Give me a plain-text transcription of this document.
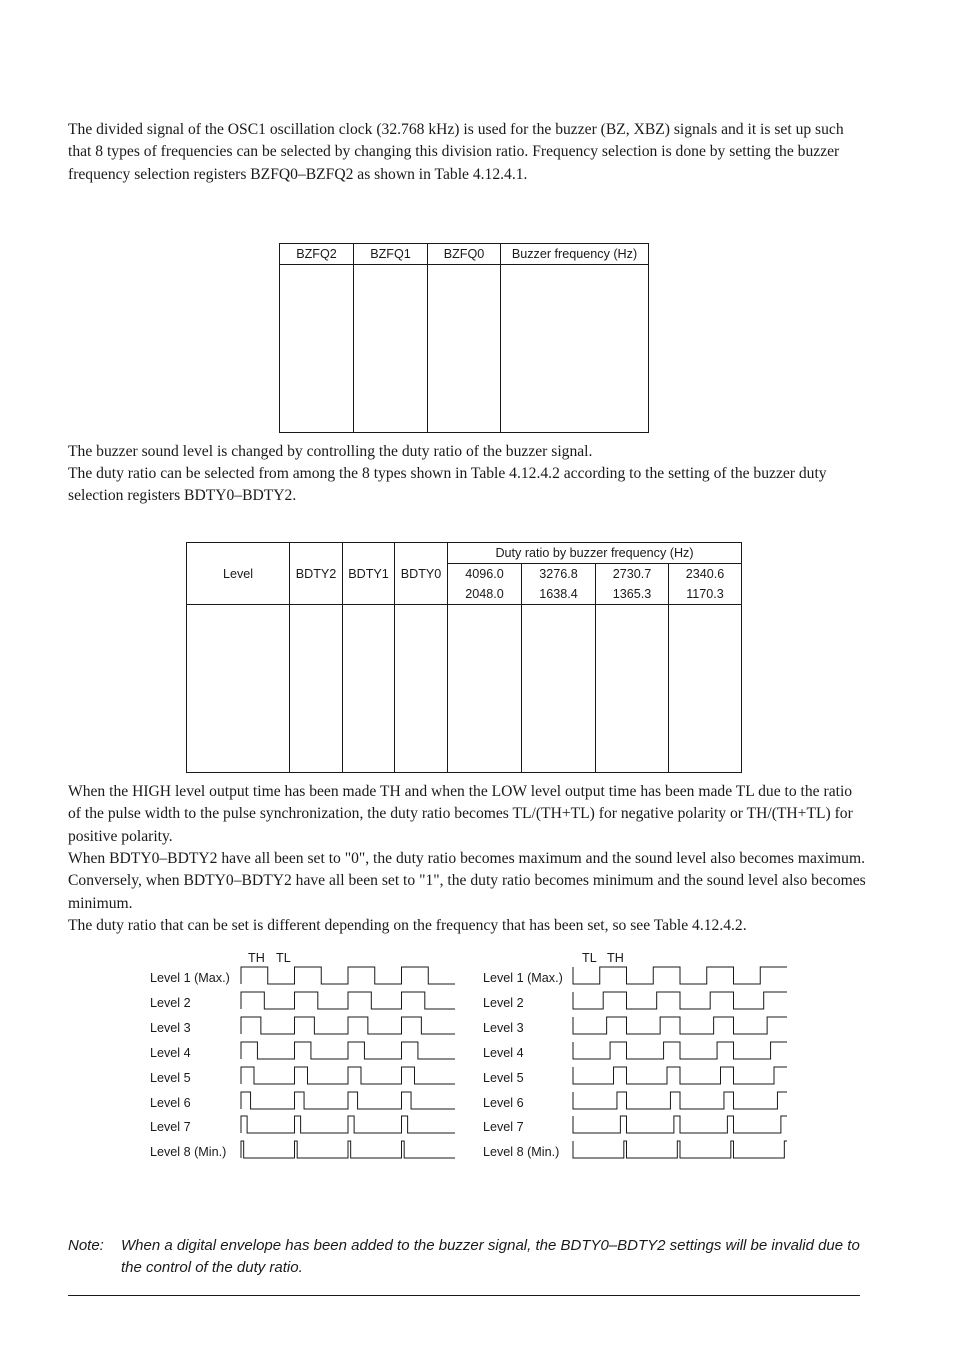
The divided signal of the OSC1 oscillation clock (32.768 kHz) is used for the buzzer (BZ, XBZ) signals and it is set up such that 8 types of frequencies can be selected by changing this division ratio. Frequency selection is done by setting the buzzer frequency selection registers BZFQ0–BZFQ2 as shown in Table 4.12.4.1.

BZFQ2	BZFQ1	BZFQ0	Buzzer frequency (Hz)

The buzzer sound level is changed by controlling the duty ratio of the buzzer signal.

The duty ratio can be selected from among the 8 types shown in Table 4.12.4.2 according to the setting of the buzzer duty selection registers BDTY0–BDTY2.

Level	BDTY2	BDTY1	BDTY0	Duty ratio by buzzer frequency (Hz)			
				4096.0	3276.8	2730.7	2340.6
				2048.0	1638.4	1365.3	1170.3

When the HIGH level output time has been made TH and when the LOW level output time has been made TL due to the ratio of the pulse width to the pulse synchronization, the duty ratio becomes TL/(TH+TL) for negative polarity or TH/(TH+TL) for positive polarity.

When BDTY0–BDTY2 have all been set to "0", the duty ratio becomes maximum and the sound level also becomes maximum. Conversely, when BDTY0–BDTY2 have all been set to "1", the duty ratio becomes minimum and the sound level also becomes minimum.

The duty ratio that can be set is different depending on the frequency that has been set, so see Table 4.12.4.2.

TH TL	TL TH
Level 1 (Max.)
Level 2
Level 3
Level 4
Level 5
Level 6
Level 7
Level 8 (Min.)
Level 1 (Max.)
Level 2
Level 3
Level 4
Level 5
Level 6
Level 7
Level 8 (Min.)
Note: When a digital envelope has been added to the buzzer signal, the BDTY0–BDTY2 settings will be invalid due to the control of the duty ratio.
